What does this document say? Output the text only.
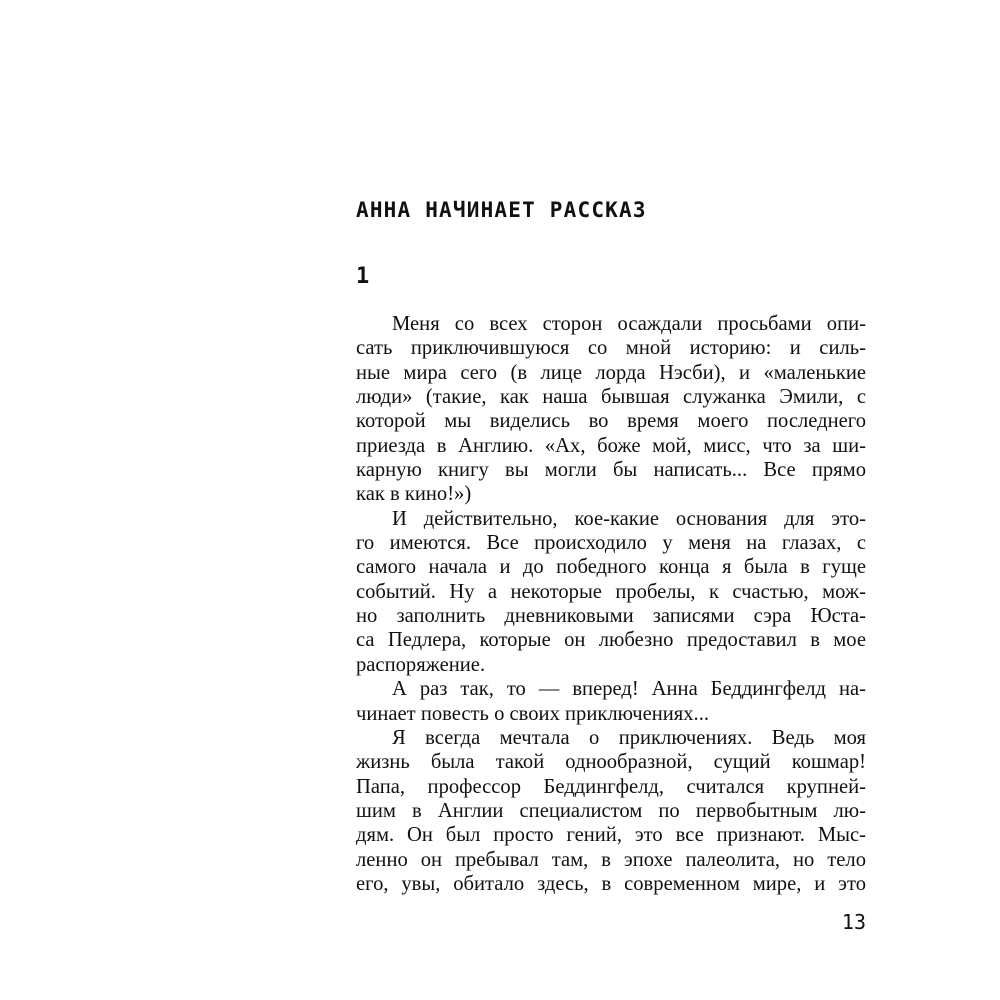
АННА НАЧИНАЕТ РАССКАЗ
1
Меня со всех сторон осаждали просьбами опи-
сать приключившуюся со мной историю: и силь-
ные мира сего (в лице лорда Нэсби), и «маленькие
люди» (такие, как наша бывшая служанка Эмили, с
которой мы виделись во время моего последнего
приезда в Англию. «Ах, боже мой, мисс, что за ши-
карную книгу вы могли бы написать... Все прямо
как в кино!»)
И действительно, кое-какие основания для это-
го имеются. Все происходило у меня на глазах, с
самого начала и до победного конца я была в гуще
событий. Ну а некоторые пробелы, к счастью, мож-
но заполнить дневниковыми записями сэра Юста-
са Педлера, которые он любезно предоставил в мое
распоряжение.
А раз так, то — вперед! Анна Беддингфелд на-
чинает повесть о своих приключениях...
Я всегда мечтала о приключениях. Ведь моя
жизнь была такой однообразной, сущий кошмар!
Папа, профессор Беддингфелд, считался крупней-
шим в Англии специалистом по первобытным лю-
дям. Он был просто гений, это все признают. Мыс-
ленно он пребывал там, в эпохе палеолита, но тело
его, увы, обитало здесь, в современном мире, и это
13
